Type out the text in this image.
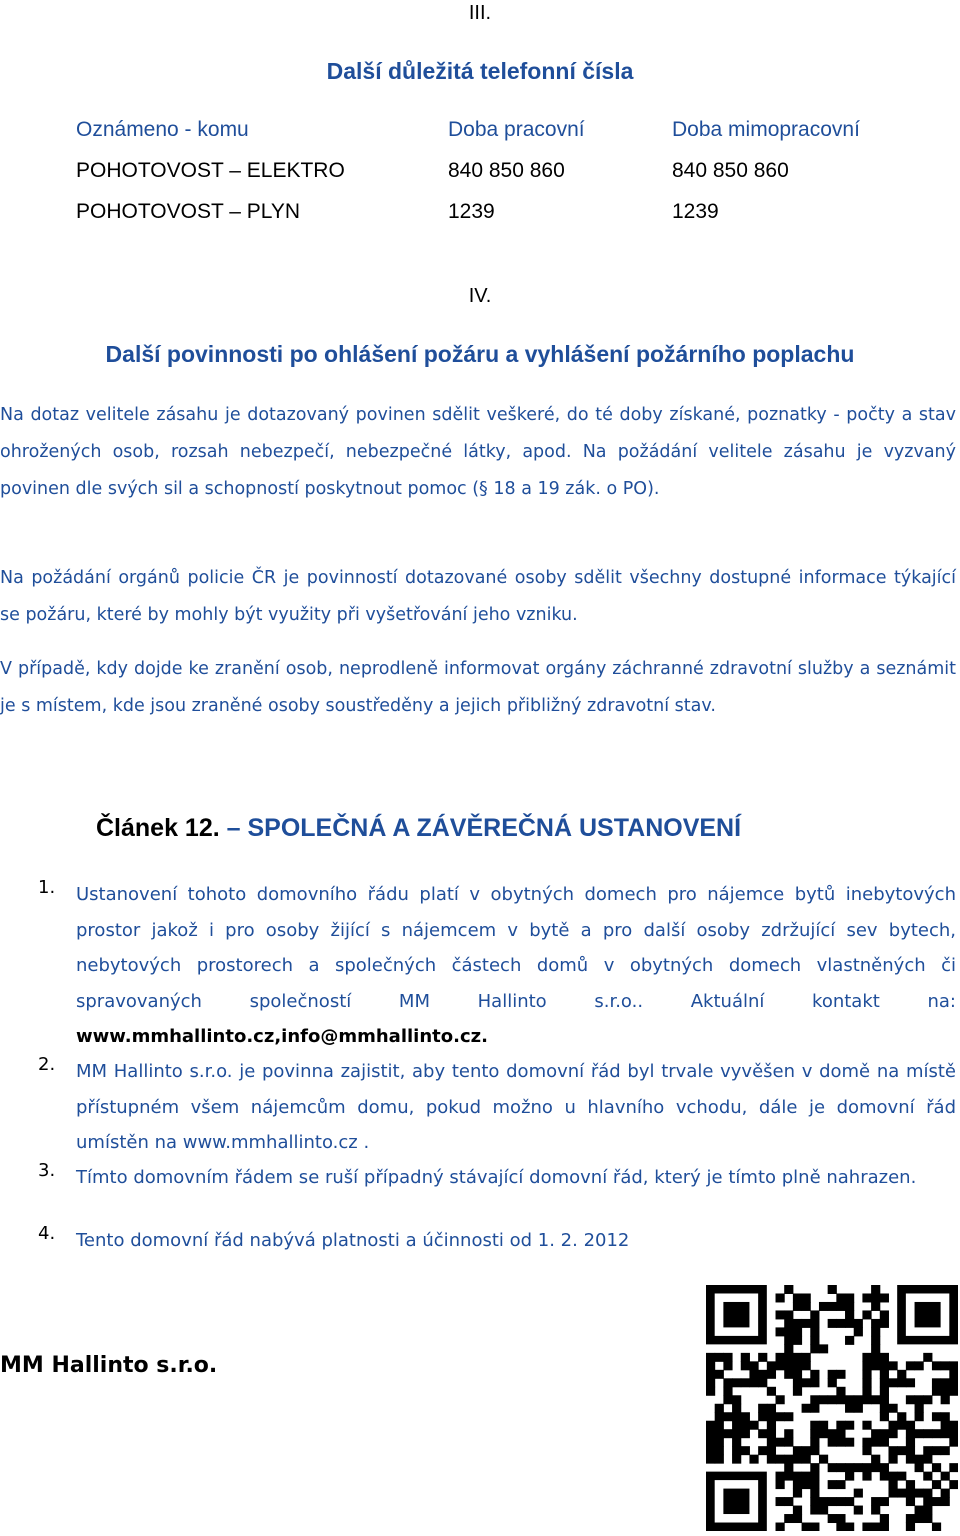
III.
Další důležitá telefonní čísla
Oznámeno - komu	Doba pracovní	Doba mimopracovní
POHOTOVOST – ELEKTRO	840 850 860	840 850 860
POHOTOVOST – PLYN	1239	1239
IV.
Další povinnosti po ohlášení požáru a vyhlášení požárního poplachu
Na dotaz velitele zásahu je dotazovaný povinen sdělit veškeré, do té doby získané, poznatky - počty a stav ohrožených osob, rozsah nebezpečí, nebezpečné látky, apod. Na požádání velitele zásahu je vyzvaný povinen dle svých sil a schopností poskytnout pomoc (§ 18 a 19 zák. o PO).
Na požádání orgánů policie ČR je povinností dotazované osoby sdělit všechny dostupné informace týkající se požáru, které by mohly být využity při vyšetřování jeho vzniku.
V případě, kdy dojde ke zranění osob, neprodleně informovat orgány záchranné zdravotní služby a seznámit je s místem, kde jsou zraněné osoby soustředěny a jejich přibližný zdravotní stav.
Článek 12. – SPOLEČNÁ A ZÁVĚREČNÁ USTANOVENÍ
1. Ustanovení tohoto domovního řádu platí v obytných domech pro nájemce bytů inebytových prostor jakož i pro osoby žijící s nájemcem v bytě a pro další osoby zdržující sev bytech, nebytových prostorech a společných částech domů v obytných domech vlastněných či spravovaných společností MM Hallinto s.r.o.. Aktuální kontakt na: www.mmhallinto.cz,info@mmhallinto.cz.
2. MM Hallinto s.r.o. je povinna zajistit, aby tento domovní řád byl trvale vyvěšen v domě na místě přístupném všem nájemcům domu, pokud možno u hlavního vchodu, dále je domovní řád umístěn na www.mmhallinto.cz .
3. Tímto domovním řádem se ruší případný stávající domovní řád, který je tímto plně nahrazen.
4. Tento domovní řád nabývá platnosti a účinnosti od 1. 2. 2012
MM Hallinto s.r.o.
